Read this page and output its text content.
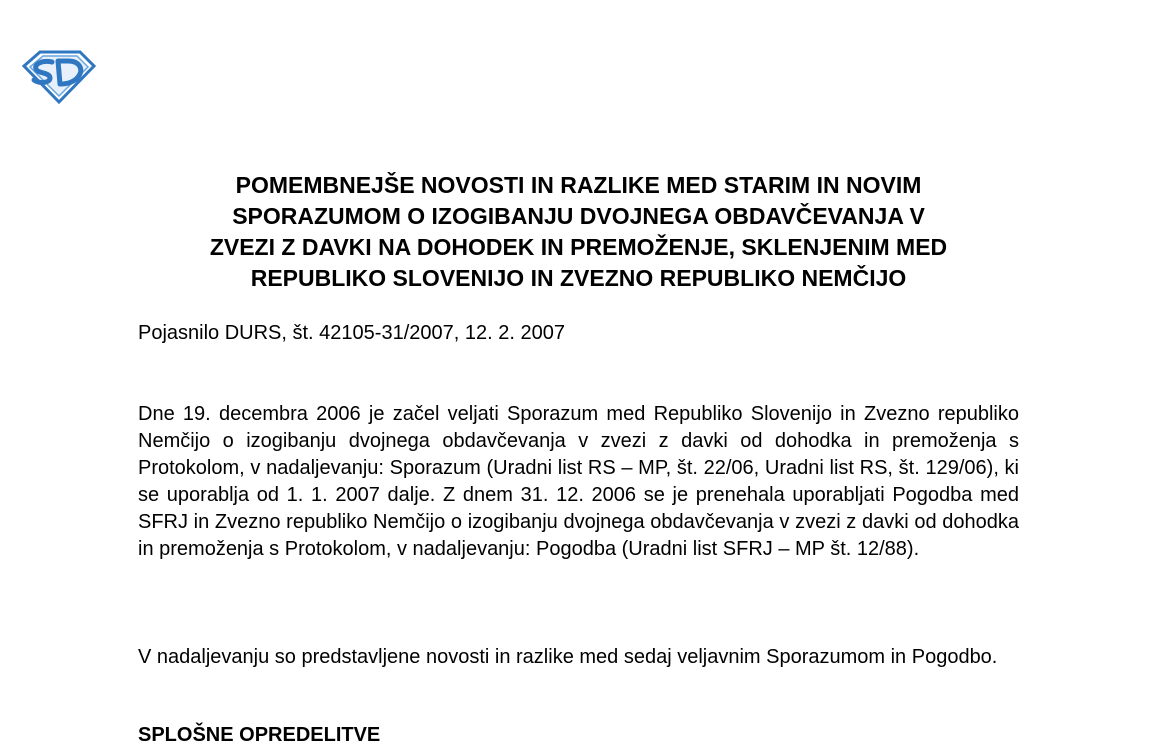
POMEMBNEJŠE NOVOSTI IN RAZLIKE MED STARIM IN NOVIM
SPORAZUMOM O IZOGIBANJU DVOJNEGA OBDAVČEVANJA V
ZVEZI Z DAVKI NA DOHODEK IN PREMOŽENJE, SKLENJENIM MED
REPUBLIKO SLOVENIJO IN ZVEZNO REPUBLIKO NEMČIJO

Pojasnilo DURS, št. 42105-31/2007, 12. 2. 2007

Dne 19. decembra 2006 je začel veljati Sporazum med Republiko Slovenijo in Zvezno republiko Nemčijo o izogibanju dvojnega obdavčevanja v zvezi z davki od dohodka in premoženja s Protokolom, v nadaljevanju: Sporazum (Uradni list RS – MP, št. 22/06, Uradni list RS, št. 129/06), ki se uporablja od 1. 1. 2007 dalje. Z dnem 31. 12. 2006 se je prenehala uporabljati Pogodba med SFRJ in Zvezno republiko Nemčijo o izogibanju dvojnega obdavčevanja v zvezi z davki od dohodka in premoženja s Protokolom, v nadaljevanju: Pogodba (Uradni list SFRJ – MP št. 12/88).

V nadaljevanju so predstavljene novosti in razlike med sedaj veljavnim Sporazumom in Pogodbo.

SPLOŠNE OPREDELITVE
